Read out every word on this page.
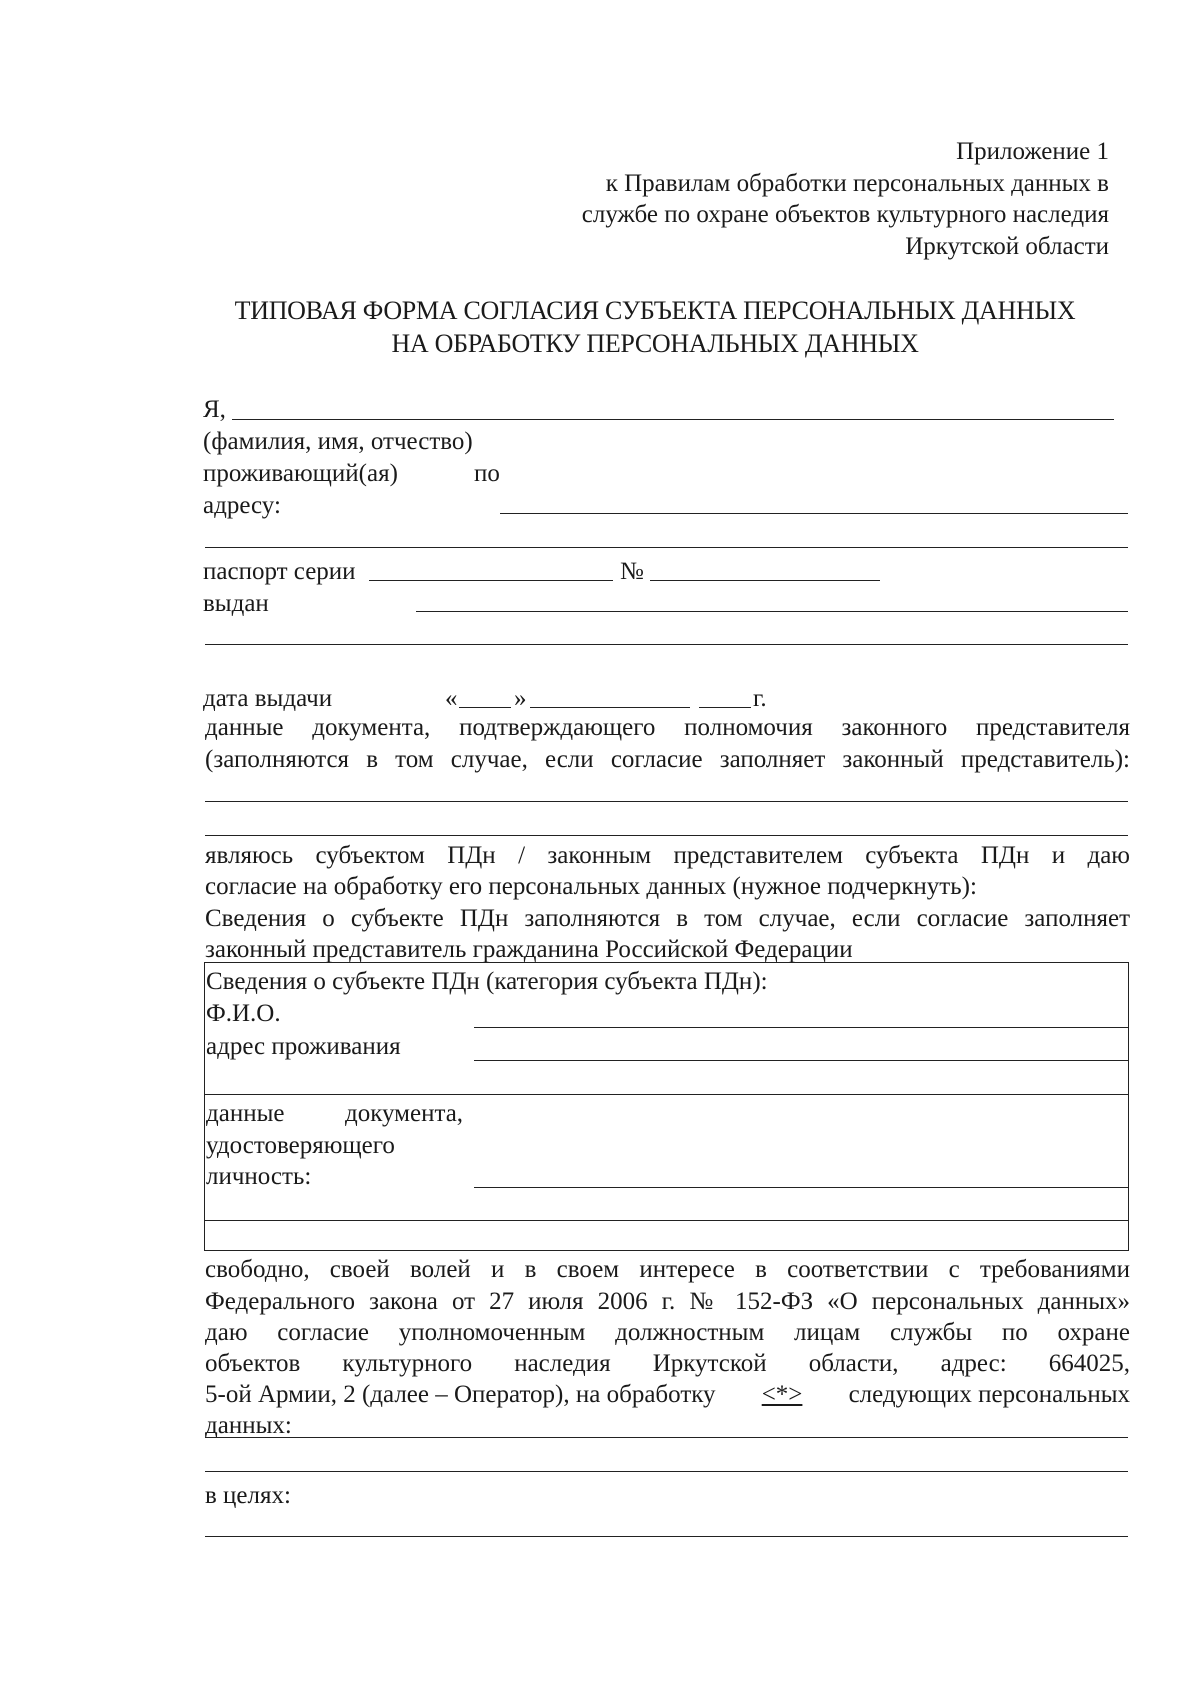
Приложение 1
к Правилам обработки персональных данных в
службе по охране объектов культурного наследия
Иркутской области
ТИПОВАЯ ФОРМА СОГЛАСИЯ СУБЪЕКТА ПЕРСОНАЛЬНЫХ ДАННЫХ
НА ОБРАБОТКУ ПЕРСОНАЛЬНЫХ ДАННЫХ
Я,
(фамилия, имя, отчество)
проживающий(ая)	по
адресу:
паспорт серии	№
выдан
дата выдачи	« »	г.
данные документа, подтверждающего полномочия законного представителя
(заполняются в том случае, если согласие заполняет законный представитель):
являюсь субъектом ПДн / законным представителем субъекта ПДн и даю
согласие на обработку его персональных данных (нужное подчеркнуть):
Сведения о субъекте ПДн заполняются в том случае, если согласие заполняет
законный представитель гражданина Российской Федерации
Сведения о субъекте ПДн (категория субъекта ПДн):
Ф.И.О.
адрес проживания
данные документа,
удостоверяющего
личность:
свободно, своей волей и в своем интересе в соответствии с требованиями
Федерального закона от 27 июля 2006 г. № 152-ФЗ «О персональных данных»
даю согласие уполномоченным должностным лицам службы по охране
объектов культурного наследия Иркутской области, адрес: 664025,
5-ой Армии, 2 (далее – Оператор), на обработку <*> следующих персональных
данных:
в целях:
